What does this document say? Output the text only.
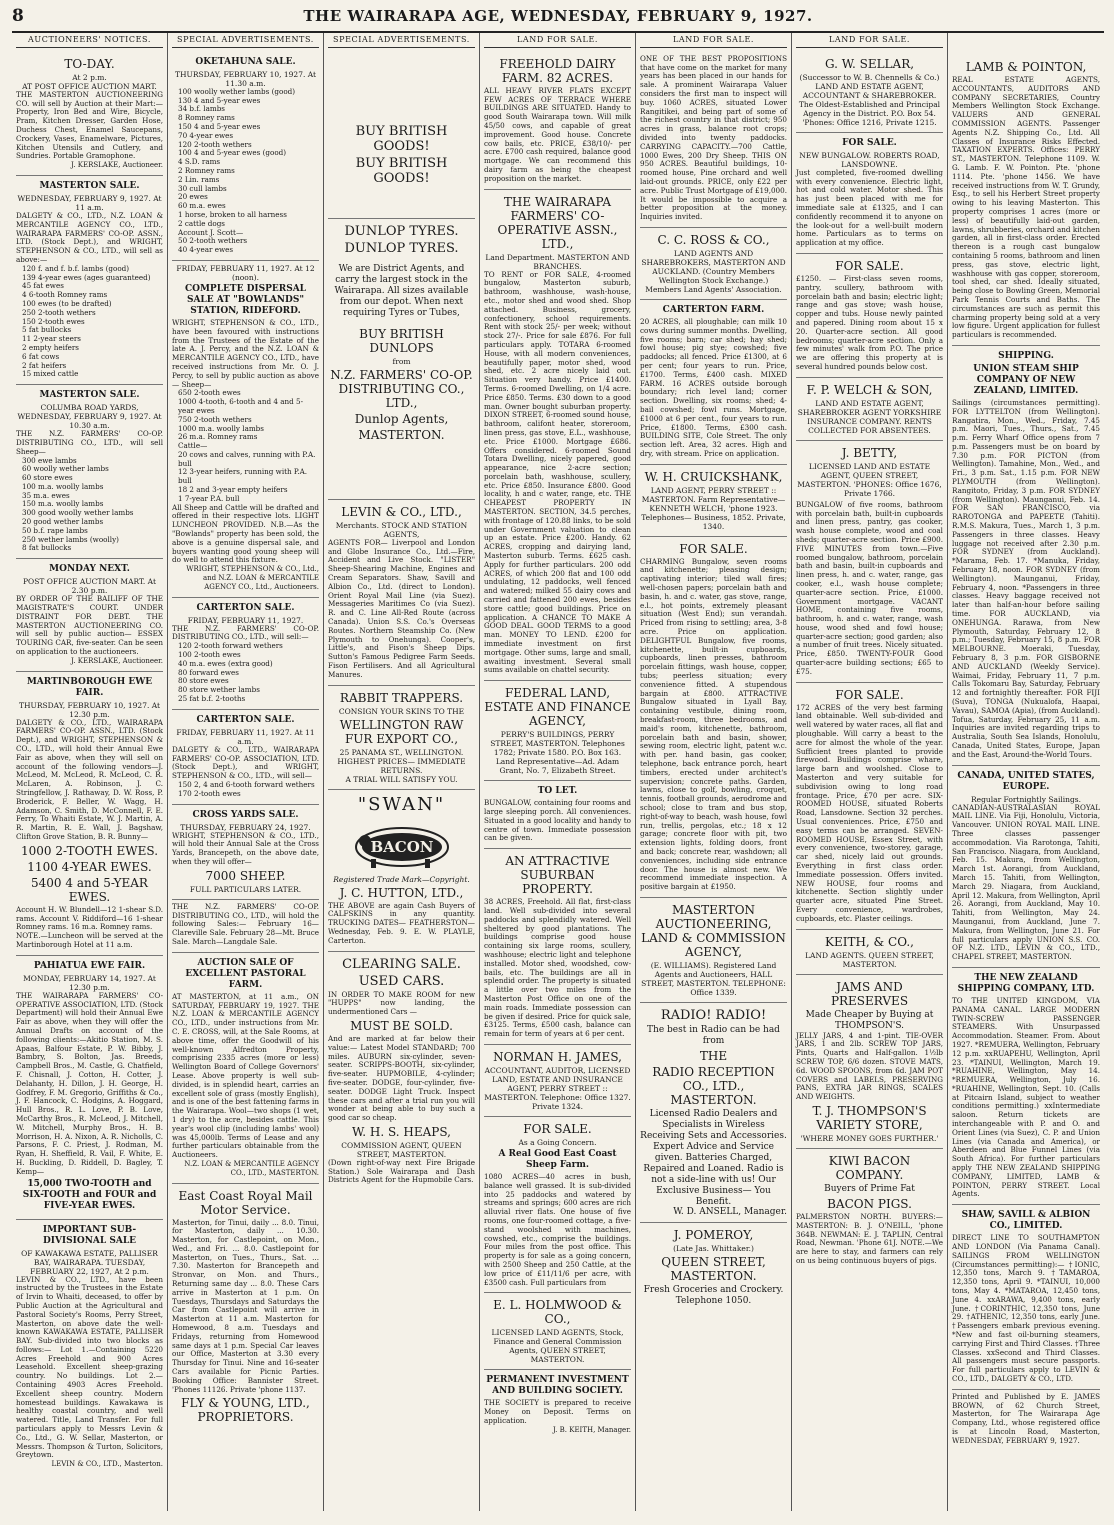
8	THE WAIRARAPA AGE, WEDNESDAY, FEBRUARY 9, 1927.
AUCTIONEERS' NOTICES.
TO-DAY.
At 2 p.m.
AT POST OFFICE AUCTION MART.
THE MASTERTON AUCTIONEERING CO. will sell by Auction at their Mart:—Property, Iron Bed and Wire, Bicycle, Pram, Kitchen Dresser, Garden Hose, Duchess Chest, Enamel Saucepans, Crockery, Vases, Enamelware, Pictures, Kitchen Utensils and Cutlery, and Sundries. Portable Gramophone.
J. KERSLAKE, Auctioneer.
MASTERTON SALE.
WEDNESDAY, FEBRUARY 9, 1927. At 11 a.m.
DALGETY & CO., LTD., N.Z. LOAN & MERCANTILE AGENCY CO., LTD., WAIRARAPA FARMERS' CO-OP. ASSN., LTD. (Stock Dept.), and WRIGHT, STEPHENSON & CO., LTD., will sell as above:—
120 f. and f. b.f. lambs (good)
139 4-year ewes (ages guaranteed)
45 fat ewes
4 6-tooth Romney rams
100 ewes (to be drafted)
250 2-tooth wethers
150 2-tooth ewes
5 fat bullocks
11 2-year steers
2 empty heifers
6 fat cows
2 fat heifers
15 mixed cattle
MASTERTON SALE.
COLUMBA ROAD YARDS,
WEDNESDAY, FEBRUARY 9, 1927. At 10.30 a.m.
THE N.Z. FARMERS' CO-OP. DISTRIBUTING CO., LTD., will sell Sheep—
300 ewe lambs
60 woolly wether lambs
60 store ewes
100 m.a. woolly lambs
35 m.a. ewes
150 m.a. woolly lambs
300 good woolly wether lambs
20 good wether lambs
50 b.f. rape lambs
250 wether lambs (woolly)
8 fat bullocks
MONDAY NEXT.
POST OFFICE AUCTION MART. At 2.30 p.m.
BY ORDER OF THE BAILIFF OF THE MAGISTRATE'S COURT. UNDER DISTRAINT FOR DEBT. THE MASTERTON AUCTIONEERING CO. will sell by public auction— ESSEX TOURING CAR, five-seater. Can be seen on application to the auctioneers.
J. KERSLAKE, Auctioneer.
MARTINBOROUGH EWE FAIR.
THURSDAY, FEBRUARY 10, 1927. At 12.30 p.m.
DALGETY & CO., LTD., WAIRARAPA FARMERS' CO-OP. ASSN., LTD. (Stock Dept.), and WRIGHT, STEPHENSON & CO., LTD., will hold their Annual Ewe Fair as above, when they will sell on account of the following vendors—J. McLeod, M. McLeod, R. McLeod, C. R. McLaren, A. Robinson, J. C. Stringfellow, J. Rathaway, D. W. Ross, P. Broderick, F. Beller, W. Wagg, H. Adamson, C. Smith, D. McConnell, F. E. Ferry, To Whaiti Estate, W. J. Martin, A. R. Martin, R. E. Wall, J. Bagshaw, Clifton Grove Station, B. R. Bunny—
1000 2-TOOTH EWES.
1100 4-YEAR EWES.
5400 4 and 5-YEAR EWES.
Account H. W. Blundell—12 1-shear S.D. rams. Account V. Riddiford—16 1-shear Romney rams. 16 m.a. Romney rams.
NOTE.—Luncheon will be served at the Martinborough Hotel at 11 a.m.
PAHIATUA EWE FAIR.
MONDAY, FEBRUARY 14, 1927. At 12.30 p.m.
THE WAIRARAPA FARMERS' CO-OPERATIVE ASSOCIATION, LTD. (Stock Department) will hold their Annual Ewe Fair as above, when they will offer the Annual Drafts on account of the following clients:—Akitio Station, M. S. Apaas, Balfour Estate, P. W. Bibby, J. Bambry, S. Bolton, Jas. Breeds, Campbell Bros., M. Castle, G. Chatfield, F. Chisnall, J. Cotton, H. Cotter, J. Delahanty, H. Dillon, J. H. George, H. Godfrey, F. M. Gregorio, Griffiths & Co., J. F. Hancock, C. Hodgins, A. Hoggard, Hull Bros., R. L. Love, P. B. Love, McCarthy Bros., R. McLeod, J. Mitchell, W. Mitchell, Murphy Bros., H. B. Morrison, H. A. Nixon, A. R. Nicholls, C. Parsons, F. C. Priest, J. Rodman, M. Ryan, H. Sheffield, R. Vail, F. White, E. H. Buckling, D. Riddell, D. Bagley, T. Kemp—
15,000 TWO-TOOTH and SIX-TOOTH and FOUR and FIVE-YEAR EWES.
IMPORTANT SUB-DIVISIONAL SALE
OF KAWAKAWA ESTATE, PALLISER BAY, WAIRARAPA. TUESDAY, FEBRUARY 22, 1927, At 2 p.m.
LEVIN & CO., LTD., have been instructed by the Trustees in the Estate of Irvin to Whaiti, deceased, to offer by Public Auction at the Agricultural and Pastoral Society's Rooms, Perry Street, Masterton, on above date the well-known KAWAKAWA ESTATE, PALLISER BAY. Sub-divided into two blocks as follows:— Lot 1.—Containing 5220 Acres Freehold and 900 Acres Leasehold. Excellent sheep-grazing country. No buildings. Lot 2.—Containing 4903 Acres Freehold. Excellent sheep country. Modern homestead buildings. Kawakawa is healthy coastal country, and well watered. Title, Land Transfer. For full particulars apply to Messrs Levin & Co., Ltd., G. W. Sellar, Masterton, or Messrs. Thompson & Turton, Solicitors, Greytown.
LEVIN & CO., LTD., Masterton.
SPECIAL ADVERTISEMENTS.
OKETAHUNA SALE.
THURSDAY, FEBRUARY 10, 1927. At 11.30 a.m.
100 woolly wether lambs (good)
130 4 and 5-year ewes
34 b.f. lambs
8 Romney rams
150 4 and 5-year ewes
70 4-year ewes
120 2-tooth wethers
100 4 and 5-year ewes (good)
4 S.D. rams
2 Romney rams
2 Lin. rams
30 cull lambs
20 ewes
60 m.a. ewes
1 horse, broken to all harness
2 cattle dogs
Account J. Scott—
50 2-tooth wethers
40 4-year ewes
FRIDAY, FEBRUARY 11, 1927. At 12 (noon).
COMPLETE DISPERSAL SALE AT "BOWLANDS" STATION, RIDEFORD.
WRIGHT, STEPHENSON & CO., LTD., have been favoured with instructions from the Trustees of the Estate of the late A. J. Percy, and the N.Z. LOAN & MERCANTILE AGENCY CO., LTD., have received instructions from Mr. O. J. Percy, to sell by public auction as above— Sheep—
650 2-tooth ewes
1000 4-tooth, 6-tooth and 4 and 5-year ewes
750 2-tooth wethers
1000 m.a. woolly lambs
26 m.a. Romney rams
Cattle—
20 cows and calves, running with P.A. bull
12 3-year heifers, running with P.A. bull
18 2 and 3-year empty heifers
1 7-year P.A. bull
All Sheep and Cattle will be drafted and offered in their respective lots. LIGHT LUNCHEON PROVIDED. N.B.—As the "Bowlands" property has been sold, the above is a genuine dispersal sale, and buyers wanting good young sheep will do well to attend this fixture.
WRIGHT, STEPHENSON & CO., Ltd., and N.Z. LOAN & MERCANTILE AGENCY CO., Ltd., Auctioneers.
CARTERTON SALE.
FRIDAY, FEBRUARY 11, 1927.
THE N.Z. FARMERS' CO-OP. DISTRIBUTING CO., LTD., will sell:—
120 2-tooth forward wethers
100 2-tooth ewes
40 m.a. ewes (extra good)
80 forward ewes
80 store ewes
80 store wether lambs
25 fat b.f. 2-tooths
CARTERTON SALE.
FRIDAY, FEBRUARY 11, 1927. At 11 a.m.
DALGETY & CO., LTD., WAIRARAPA FARMERS' CO-OP. ASSOCIATION, LTD. (Stock Dept.), and WRIGHT, STEPHENSON & CO., LTD., will sell—
150 2, 4 and 6-tooth forward wethers
170 2-tooth ewes
CROSS YARDS SALE.
THURSDAY, FEBRUARY 24, 1927.
WRIGHT, STEPHENSON & CO., LTD., will hold their Annual Sale at the Cross Yards, Brancepeth, on the above date, when they will offer—
7000 SHEEP.
FULL PARTICULARS LATER.
THE N.Z. FARMERS' CO-OP. DISTRIBUTING CO., LTD., will hold the following Sales:— February 16—Clareville Sale. February 28—Mt. Bruce Sale. March—Langdale Sale.
AUCTION SALE OF EXCELLENT PASTORAL FARM.
AT MASTERTON, at 11 a.m., ON SATURDAY, FEBRUARY 19, 1927. THE N.Z. LOAN & MERCANTILE AGENCY CO., LTD., under instructions from Mr. C. E. CROSS, will, at the Sale Rooms, at above time, offer the Goodwill of his well-known Alfredton Property, comprising 2335 acres (more or less) Wellington Board of College Governors' Lease. Above property is well sub-divided, is in splendid heart, carries an excellent sole of grass (mostly English), and is one of the best fattening farms in the Wairarapa. Wool—two shops (1 wet, 1 dry) to the acre, besides cattle. This year's wool clip (including lambs' wool) was 45,000lb. Terms of Lease and any further particulars obtainable from the Auctioneers.
N.Z. LOAN & MERCANTILE AGENCY CO., LTD., MASTERTON.
East Coast Royal Mail Motor Service.
Masterton, for Tinui, daily ... 8.0. Tinui, for Masterton, daily ... 10.30. Masterton, for Castlepoint, on Mon., Wed., and Fri. ... 8.0. Castlepoint for Masterton, on Tues., Thurs., Sat. ... 7.30. Masterton for Brancepeth and Stronvar, on Mon. and Thurs., Returning same day ... 8.0. These Cars arrive in Masterton at 1 p.m. On Tuesdays, Thursdays and Saturdays the Car from Castlepoint will arrive in Masterton at 11 a.m. Masterton for Homewood, 8 a.m. Tuesdays and Fridays, returning from Homewood same days at 1 p.m. Special Car leaves our Office, Masterton at 3.30 every Thursday for Tinui. Nine and 16-seater Cars available for Picnic Parties. Booking Office: Bannister Street. 'Phones 11126. Private 'phone 1137.
FLY & YOUNG, LTD., PROPRIETORS.
SPECIAL ADVERTISEMENTS.
BUY BRITISH GOODS!
BUY BRITISH GOODS!
DUNLOP TYRES.
DUNLOP TYRES.
We are District Agents, and carry the largest stock in the Wairarapa. All sizes available from our depot. When next requiring Tyres or Tubes,
BUY BRITISH DUNLOPS
from
N.Z. FARMERS' CO-OP. DISTRIBUTING CO., LTD.,
Dunlop Agents,
MASTERTON.
LEVIN & CO., LTD.,
Merchants. STOCK AND STATION AGENTS,
AGENTS FOR— Liverpool and London and Globe Insurance Co., Ltd.—Fire, Accident and Live Stock. "LISTER" Sheep-Shearing Machine, Engines and Cream Separators. Shaw, Savill and Albion Co., Ltd. (direct to London). Orient Royal Mail Line (via Suez). Messageries Maritimes Co (via Suez). R. and C. Line All-Red Route (across Canada). Union S.S. Co.'s Overseas Routes. Northern Steamship Co. (New Plymouth to Onehunga). Cooper's, Little's, and Fison's Sheep Dips. Sutton's Famous Pedigree Farm Seeds. Fison Fertilisers. And all Agricultural Manures.
RABBIT TRAPPERS.
CONSIGN YOUR SKINS TO THE
WELLINGTON RAW FUR EXPORT CO.,
25 PANAMA ST., WELLINGTON.
HIGHEST PRICES— IMMEDIATE RETURNS.
A TRIAL WILL SATISFY YOU.
"SWAN"
BACON
Registered Trade Mark—Copyright.
J. C. HUTTON, LTD.,
THE ABOVE are again Cash Buyers of CALFSKINS in any quantity. TRUCKING DATES— FEATHERSTON—Wednesday, Feb. 9. E. W. PLAYLE, Carterton.
CLEARING SALE.
USED CARS.
IN ORDER TO MAKE ROOM for new "HUPPS" now landing, the undermentioned Cars —
MUST BE SOLD.
And are marked at far below their value:— Latest Model STANDARD; 700 miles. AUBURN six-cylinder, seven-seater. SCRIPPS-BOOTH, six-cylinder, five-seater. HUPMOBILE, 4-cylinder; five-seater. DODGE, four-cylinder, five-seater. DODGE Light Truck. Inspect these cars and after a trial run you will wonder at being able to buy such a good car so cheap.
W. H. S. HEAPS,
COMMISSION AGENT, QUEEN STREET, MASTERTON.
(Down right-of-way next Fire Brigade Station.) Sole Wairarapa and Dash Districts Agent for the Hupmobile Cars.
LAND FOR SALE.
FREEHOLD DAIRY FARM. 82 ACRES.
ALL HEAVY RIVER FLATS EXCEPT FEW ACRES OF TERRACE WHERE BUILDINGS ARE SITUATED. Handy to good South Wairarapa town. Will milk 45/50 cows, and capable of great improvement. Good house. Concrete cow bails, etc. PRICE, £38/10/- per acre. £700 cash required, balance good mortgage. We can recommend this dairy farm as being the cheapest proposition on the market.
THE WAIRARAPA FARMERS' CO-OPERATIVE ASSN., LTD.,
Land Department. MASTERTON AND BRANCHES.
TO RENT or FOR SALE, 4-roomed bungalow, Masterton suburb, bathroom, washhouse, wash-house, etc., motor shed and wood shed. Shop attached. Business, grocery, confectionery, school requirements. Rent with stock 25/- per week; without stock 27/-. Price for sale £876. For full particulars apply. TOTARA 6-roomed House, with all modern conveniences, beautifully paper, motor shed, wood shed, etc. 2 acre nicely laid out. Situation very handy. Price £1400. Terms. 6-roomed Dwelling, on 1/4 acre. Price £850. Terms. £30 down to a good man. Owner bought suburban property. DIXON STREET, 6-roomed sound house, bathroom, califont heater, storeroom, linen press, gas stove, E.L., washhouse, etc. Price £1000. Mortgage £686. Offers considered. 6-roomed Sound Totara Dwelling, nicely papered, good appearance, nice 2-acre section; porcelain bath, washhouse, scullery, etc. Price £850. Insurance £800. Good locality, h and c water, range, etc. THE CHEAPEST PROPERTY IN MASTERTON. SECTION, 34.5 perches, with frontage of 120.88 links, to be sold under Government valuation to clean up an estate. Price £200. Handy. 62 ACRES, cropping and dairying land, Masterton suburb. Terms. £625 cash. Apply for further particulars. 200 odd ACRES, of which 200 flat and 100 odd undulating, 12 paddocks, well fenced and watered; milked 55 dairy cows and carried and fattened 200 ewes, besides store cattle; good buildings. Price on application. A CHANCE TO MAKE A GOOD DEAL. GOOD TERMS to a good man. MONEY TO LEND. £200 for immediate investment on first mortgage. Other sums, large and small, awaiting investment. Several small sums available on chattel security.
FEDERAL LAND, ESTATE AND FINANCE AGENCY,
PERRY'S BUILDINGS, PERRY STREET, MASTERTON. Telephones 1782; Private 1580. P.O. Box 163. Land Representative—Ad. Adam Grant, No. 7, Elizabeth Street.
TO LET.
BUNGALOW, containing four rooms and large sleeping porch. All conveniences. Situated in a good locality and handy to centre of town. Immediate possession can be given.
AN ATTRACTIVE SUBURBAN PROPERTY.
38 ACRES, Freehold. All flat, first-class land. Well sub-divided into several paddocks and splendidly watered. Well sheltered by good plantations. The buildings comprise good house containing six large rooms, scullery, washhouse; electric light and telephone installed. Motor shed, woodshed, cow-bails, etc. The buildings are all in splendid order. The property is situated a little over two miles from the Masterton Post Office on one of the main roads. Immediate possession can be given if desired. Price for quick sale, £3125. Terms, £500 cash, balance can remain for term of years at 6 per cent.
NORMAN H. JAMES,
ACCOUNTANT, AUDITOR, LICENSED LAND, ESTATE AND INSURANCE AGENT, PERRY STREET :: MASTERTON. Telephone: Office 1327. Private 1324.
FOR SALE.
As a Going Concern.
A Real Good East Coast Sheep Farm.
1080 ACRES—40 acres in bush, balance well grassed. It is sub-divided into 25 paddocks and watered by streams and springs; 600 acres are rich alluvial river flats. One house of five rooms, one four-roomed cottage, a five-stand woolshed with machines, cowshed, etc., comprise the buildings. Four miles from the post office. This property is for sale as a going concern, with 2500 Sheep and 250 Cattle, at the low price of £11/11/6 per acre, with £3500 cash. Full particulars from
E. L. HOLMWOOD & CO.,
LICENSED LAND AGENTS, Stock, Finance and General Commission Agents, QUEEN STREET, MASTERTON.
PERMANENT INVESTMENT AND BUILDING SOCIETY.
THE SOCIETY is prepared to receive Money on Deposit. Terms on application.
J. B. KEITH, Manager.
LAND FOR SALE.
ONE OF THE BEST PROPOSITIONS that have come on the market for many years has been placed in our hands for sale. A prominent Wairarapa Valuer considers the first man to inspect will buy. 1060 ACRES, situated Lower Rangitikei, and being part of some of the richest country in that district; 950 acres in grass, balance root crops; divided into twenty paddocks. CARRYING CAPACITY.—700 Cattle, 1000 Ewes, 200 Dry Sheep. THIS ON 950 ACRES. Beautiful buildings, 10-roomed house, Pine orchard and well laid-out grounds. PRICE, only £22 per acre. Public Trust Mortgage of £19,000. It would be impossible to acquire a better proposition at the money. Inquiries invited.
C. C. ROSS & CO.,
LAND AGENTS AND SHAREBROKERS, MASTERTON AND AUCKLAND. (Country Members Wellington Stock Exchange.) Members Land Agents' Association.
CARTERTON FARM.
20 ACRES, all ploughable; can milk 10 cows during summer months. Dwelling, five rooms; barn; car shed; hay shed; fowl house; pig stye; cowshed; five paddocks; all fenced. Price £1300, at 6 per cent; four years to run. Price, £1700. Terms, £400 cash. MIXED FARM. 16 ACRES outside borough boundary; rich level land; corner section. Dwelling, six rooms; shed; 4-bail cowshed; fowl runs. Mortgage, £1000 at 6 per cent., four years to run. Price, £1800. Terms, £300 cash. BUILDING SITE, Cole Street. The only section left. Area, 32 acres. High and dry, with stream. Price on application.
W. H. CRUICKSHANK,
LAND AGENT, PERRY STREET :: MASTERTON. Farm Representative—KENNETH WELCH, 'phone 1923. Telephones— Business, 1852. Private, 1340.
FOR SALE.
CHARMING Bungalow, seven rooms and kitchenette; pleasing design; captivating interior; tiled wall fires; well-chosen papers; porcelain bath and basin, h. and c. water, gas stove, range, e.l., hot points, extremely pleasant situation (West End); sun verandah. Priced from rising to settling; area, 3-8 acre. Price on application. DELIGHTFUL Bungalow, five rooms, kitchenette, built-in cupboards, cupboards, linen presses, bathroom porcelain fittings, wash house, copper, tubs; peerless situation; every convenience fitted. A stupendous bargain at £800. ATTRACTIVE Bungalow situated in Lyall Bay, containing vestibule, dining room, breakfast-room, three bedrooms, and maid's room, kitchenette, bathroom, porcelain bath and basin, shower, sewing room, electric light, patent w.c. with per. hand basin, gas cooker, telephone, back entrance porch, heart timbers, erected under architect's supervision; concrete paths. Garden, lawns, close to golf, bowling, croquet, tennis, football grounds, aerodrome and school; close to tram and bus stop, right-of-way to beach, wash house, fowl run, trellis, pergolas, etc.; 18 x 12 garage; concrete floor with pit, two extension lights, folding doors, front and back; concrete rear, washdown; all conveniences, including side entrance door. The house is almost new. We recommend immediate inspection. A positive bargain at £1950.
MASTERTON AUCTIONEERING, LAND & COMMISSION AGENCY,
(E. WILLIAMS). Registered Land Agents and Auctioneers, HALL STREET, MASTERTON. TELEPHONE: Office 1339.
RADIO! RADIO!
The best in Radio can be had from
THE
RADIO RECEPTION CO., LTD., MASTERTON.
Licensed Radio Dealers and Specialists in Wireless Receiving Sets and Accessories. Expert Advice and Service given. Batteries Charged, Repaired and Loaned. Radio is not a side-line with us! Our Exclusive Business— You Benefit.
W. D. ANSELL, Manager.
J. POMEROY,
(Late Jas. Whittaker.)
QUEEN STREET, MASTERTON.
Fresh Groceries and Crockery.
Telephone 1050.
LAND FOR SALE.
G. W. SELLAR,
(Successor to W. B. Chennells & Co.) LAND AND ESTATE AGENT, ACCOUNTANT & SHAREBROKER. The Oldest-Established and Principal Agency in the District. P.O. Box 54. 'Phones: Office 1216, Private 1215.
FOR SALE.
NEW BUNGALOW. ROBERTS ROAD, LANSDOWNE.
Just completed, five-roomed dwelling with every convenience. Electric light, hot and cold water. Motor shed. This has just been placed with me for immediate sale at £1325, and I can confidently recommend it to anyone on the look-out for a well-built modern home. Particulars as to terms on application at my office.
FOR SALE.
£1250. — First-class seven rooms, pantry, scullery, bathroom with porcelain bath and basin; electric light; range and gas stove; wash house, copper and tubs. House newly painted and papered. Dining room about 15 x 20. Quarter-acre section. All good bedrooms; quarter-acre section. Only a few minutes' walk from P.O. The price we are offering this property at is several hundred pounds below cost.
F. P. WELCH & SON,
LAND AND ESTATE AGENT, SHAREBROKER AGENT YORKSHIRE INSURANCE COMPANY. RENTS COLLECTED FOR ABSENTEES.
J. BETTY,
LICENSED LAND AND ESTATE AGENT, QUEEN STREET, MASTERTON. 'PHONES: Office 1676, Private 1766.
BUNGALOW of five rooms, bathroom with porcelain bath, built-in cupboards and linen press, pantry, gas cooker, wash house complete, wood and coal sheds; quarter-acre section. Price £900. FIVE MINUTES from town.—Five roomed bungalow, bathroom, porcelain bath and basin, built-in cupboards and linen press, h. and c. water, range, gas cooker, e.l., wash house complete; quarter-acre section. Price, £1000. Government mortgage. VACANT HOME, containing five rooms, bathroom, h. and c. water, range, wash house, wood shed and fowl house; quarter-acre section; good garden; also a number of fruit trees. Nicely situated. Price, £850. TWENTY-FOUR Good quarter-acre building sections; £65 to £75.
FOR SALE.
172 ACRES of the very best farming land obtainable. Well sub-divided and well watered by water races, all flat and ploughable. Will carry a beast to the acre for almost the whole of the year. Sufficient trees planted to provide firewood. Buildings comprise whare, large barn and woolshed. Close to Masterton and very suitable for subdivision owing to long road frontage. Price, £70 per acre. SIX-ROOMED HOUSE, situated Roberts Road, Lansdowne. Section 32 perches. Usual conveniences. Price, £750 and easy terms can be arranged. SEVEN-ROOMED HOUSE, Essex Street, with every convenience, two-storey, garage, car shed, nicely laid out grounds. Everything in first class order. Immediate possession. Offers invited. NEW HOUSE, four rooms and kitchenette. Section slightly under quarter acre, situated Pine Street. Every convenience, wardrobes, cupboards, etc. Plaster ceilings.
KEITH, & CO.,
LAND AGENTS. QUEEN STREET, MASTERTON.
JAMS AND PRESERVES
Made Cheaper by Buying at THOMPSON'S.
JELLY JARS, 4 and 1-pint. TIE-OVER JARS, 1 and 2lb. SCREW TOP JARS, Pints, Quarts and Half-gallon. 1½lb SCREW TOP, 6/6 dozen. STOVE MATS, 6d. WOOD SPOONS, from 6d. JAM POT COVERS and LABELS, PRESERVING PANS, EXTRA JAR RINGS, SCALES AND WEIGHTS.
T. J. THOMPSON'S VARIETY STORE,
'WHERE MONEY GOES FURTHER.'
KIWI BACON COMPANY.
Buyers of Prime Fat
BACON PIGS.
PALMERSTON NORTH. BUYERS:— MASTERTON: B. J. O'NEILL, 'phone 364B. NEWMAN: E. J. TAPLIN, Central Road, Newman. 'Phone 61J. NOTE.—We are here to stay, and farmers can rely on us being continuous buyers of pigs.
LAMB & POINTON,
REAL ESTATE AGENTS, ACCOUNTANTS, AUDITORS AND COMPANY SECRETARIES, Country Members Wellington Stock Exchange. VALUERS AND GENERAL COMMISSION AGENTS. Passenger Agents N.Z. Shipping Co., Ltd. All Classes of Insurance Risks Effected. TAXATION EXPERTS. Offices: PERRY ST., MASTERTON. Telephone 1109. W. G. Lamb. F. W. Pointon. Pte. 'phone 1114. Pte. 'phone 1456. We have received instructions from W. T. Grundy, Esq., to sell his Herbert Street property owing to his leaving Masterton. This property comprises 1 acres (more or less) of beautifully laid-out garden, lawns, shrubberies, orchard and kitchen garden, all in first-class order. Erected thereon is a rough cast bungalow containing 5 rooms, bathroom and linen press, gas stove, electric light, washhouse with gas copper, storeroom, tool shed, car shed. Ideally situated, being close to Bowling Green, Memorial Park Tennis Courts and Baths. The circumstances are such as permit this charming property being sold at a very low figure. Urgent application for fullest particulars is recommended.
SHIPPING.
UNION STEAM SHIP COMPANY OF NEW ZEALAND, LIMITED.
Sailings (circumstances permitting). FOR LYTTELTON (from Wellington). Rangatira, Mon., Wed., Friday, 7.45 p.m. Maori, Tues., Thurs., Sat., 7.45 p.m. Ferry Wharf Office opens from 7 p.m. Passengers must be on board by 7.30 p.m. FOR PICTON (from Wellington). Tamahine, Mon., Wed., and Fri., 3 p.m. Sat., 1.15 p.m. FOR NEW PLYMOUTH (from Wellington). Rangitoto, Friday, 3 p.m. FOR SYDNEY (from Wellington). Maunganui, Feb. 14. FOR SAN FRANCISCO, via RAROTONGA and PAPEETE (Tahiti). R.M.S. Makura, Tues., March 1, 3 p.m. Passengers in three classes. Heavy luggage not received after 2.30 p.m. FOR SYDNEY (from Auckland). *Marama, Feb. 17. *Manuka, Friday, February 18, noon. FOR SYDNEY (from Wellington). Maunganui, Friday, February 4, noon. *Passengers in three classes. Heavy baggage received not later than half-an-hour before sailing time. FOR AUCKLAND, via ONEHUNGA. Rarawa, from New Plymouth, Saturday, February 12, 8 p.m.; Tuesday, February 15, 8 p.m. FOR MELBOURNE. Moeraki, Tuesday, February 8, 3 p.m. FOR GISBORNE AND AUCKLAND (Weekly Service). Waimai, Friday, February 11, 7 p.m. Calls Tokomaru Bay, Saturday, February 12 and fortnightly thereafter. FOR FIJI (Suva), TONGA (Nukualofa, Haapai, Vavau), SAMOA (Apia), (from Auckland). Tofua, Saturday, February 25, 11 a.m. Inquiries are invited regarding trips to Australia, South Sea Islands, Honolulu, Canada, United States, Europe, Japan and the East, Around-the-World Tours.
CANADA, UNITED STATES, EUROPE.
Regular Fortnightly Sailings.
CANADIAN-AUSTRALASIAN ROYAL MAIL LINE. Via Fiji, Honolulu, Victoria, Vancouver. UNION ROYAL MAIL LINE. Three classes passenger accommodation. Via Rarotonga, Tahiti, San Francisco. Niagara, from Auckland, Feb. 15. Makura, from Wellington, March 1st. Aorangi, from Auckland, March 15. Tahiti, from Wellington, March 29. Niagara, from Auckland, April 12. Makura, from Wellington, April 26. Aorangi, from Auckland, May 10. Tahiti, from Wellington, May 24. Maunganui, from Auckland, June 7. Makura, from Wellington, June 21. For full particulars apply UNION S.S. CO. OF N.Z. LTD., LEVIN & CO., LTD., CHAPEL STREET, MASTERTON.
THE NEW ZEALAND SHIPPING COMPANY, LTD.
TO THE UNITED KINGDOM, VIA PANAMA CANAL. LARGE MODERN TWIN-SCREW PASSENGER STEAMERS. With Unsurpassed Accommodation. Steamer. From. About 1927. *REMUERA, Wellington, February 12 p.m. xxRUAPEHU, Wellington, April 23. *TAINUI, Wellington, March 19. *RUAHINE, Wellington, May 14. *REMUERA, Wellington, July 16. *RUAHINE, Wellington, Sept. 10. (Calls at Pitcairn Island, subject to weather conditions permitting.) xxIntermediate saloon. Return tickets are interchangeable with P. and O. and Orient Lines (via Suez), C. P. and Union Lines (via Canada and America), or Aberdeen and Blue Funnel Lines (via South Africa). For further particulars apply THE NEW ZEALAND SHIPPING COMPANY, LIMITED, LAMB & POINTON, PERRY STREET. Local Agents.
SHAW, SAVILL & ALBION CO., LIMITED.
DIRECT LINE TO SOUTHAMPTON AND LONDON (Via Panama Canal). SAILINGS FROM WELLINGTON (Circumstances permitting):— †IONIC, 12,350 tons, March 9. †TAMAROA, 12,350 tons, April 9. *TAINUI, 10,000 tons, May 4. *MATAROA, 12,450 tons, June 4. xxARAWA, 9,400 tons, early June. †CORINTHIC, 12,350 tons, June 29. †ATHENIC, 12,350 tons, early June. †Passengers embark previous evening. *New and fast oil-burning steamers, carrying First and Third Classes. †Three Classes. xxSecond and Third Classes. All passengers must secure passports. For full particulars apply to LEVIN & CO., LTD., DALGETY & CO., LTD.
Printed and Published by E. JAMES BROWN, of 62 Church Street, Masterton, for The Wairarapa Age Company, Ltd., whose registered office is at Lincoln Road, Masterton, WEDNESDAY, FEBRUARY 9, 1927.
